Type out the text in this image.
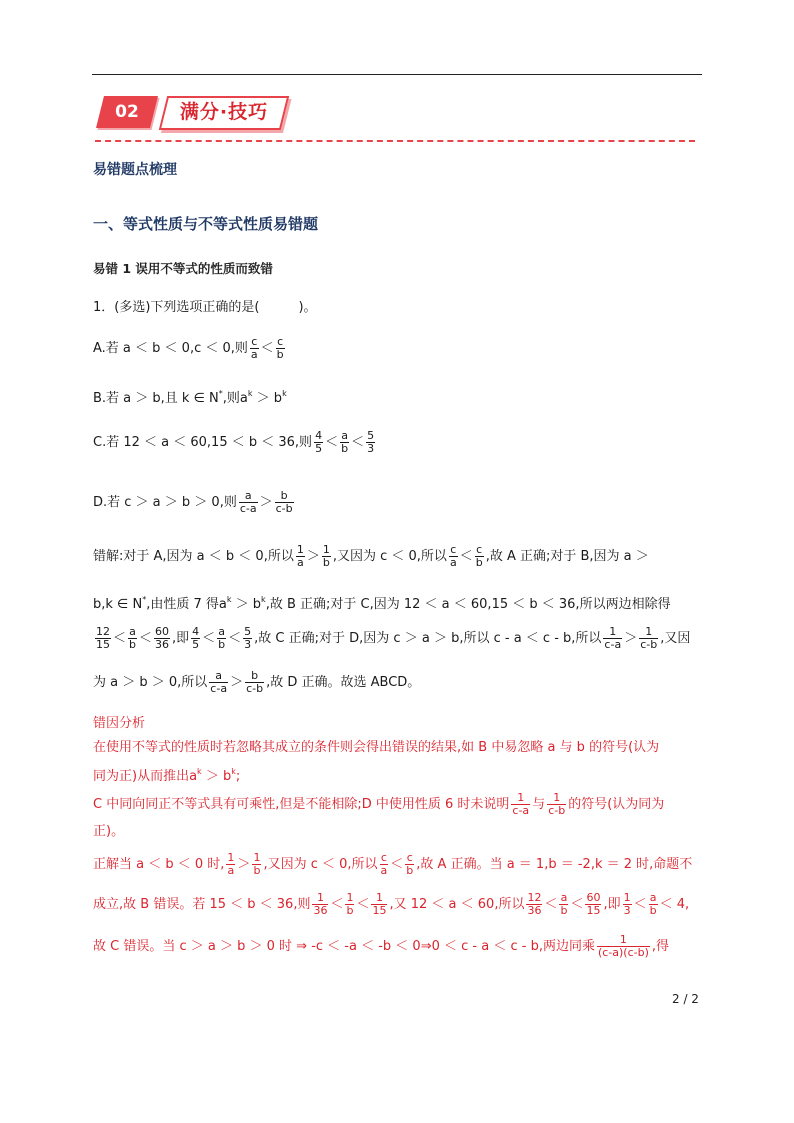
02	满分·技巧
易错题点梳理
一、等式性质与不等式性质易错题
易错 1 误用不等式的性质而致错
1．(多选)下列选项正确的是(　　　)。
A.若 a ＜ b ＜ 0,c ＜ 0,则 $\frac{c}{a} < \frac{c}{b}$
B.若 a ＞ b,且 k ∈ N*,则$a^k > b^k$
C.若 12 ＜ a ＜ 60,15 ＜ b ＜ 36,则 $\frac{4}{5} < \frac{a}{b} < \frac{5}{3}$
D.若 c ＞ a ＞ b ＞ 0,则 $\frac{a}{c-a} > \frac{b}{c-b}$
错解:对于 A,因为 a ＜ b ＜ 0,所以 $\frac{1}{a} > \frac{1}{b}$ ,又因为 c ＜ 0,所以 $\frac{c}{a} < \frac{c}{b}$ ,故 A 正确;对于 B,因为 a ＞
b,k ∈ N*,由性质 7 得$a^k > b^k$,故 B 正确;对于 C,因为 12 ＜ a ＜ 60,15 ＜ b ＜ 36,所以两边相除得
$\frac{12}{15} < \frac{a}{b} < \frac{60}{36}$ ,即 $\frac{4}{5} < \frac{a}{b} < \frac{5}{3}$ ,故 C 正确;对于 D,因为 c ＞ a ＞ b,所以 c - a ＜ c - b,所以 $\frac{1}{c-a} > \frac{1}{c-b}$ ,又因
为 a ＞ b ＞ 0,所以 $\frac{a}{c-a} > \frac{b}{c-b}$ ,故 D 正确。故选 ABCD。
错因分析
在使用不等式的性质时若忽略其成立的条件则会得出错误的结果,如 B 中易忽略 a 与 b 的符号(认为
同为正)从而推出$a^k > b^k$;
C 中同向同正不等式具有可乘性,但是不能相除;D 中使用性质 6 时未说明 $\frac{1}{c-a}$ 与 $\frac{1}{c-b}$ 的符号(认为同为
正)。
正解当 a ＜ b ＜ 0 时, $\frac{1}{a} > \frac{1}{b}$ ,又因为 c ＜ 0,所以 $\frac{c}{a} < \frac{c}{b}$ ,故 A 正确。当 a ＝ 1,b ＝ -2,k ＝ 2 时,命题不
成立,故 B 错误。若 15 ＜ b ＜ 36,则 $\frac{1}{36} < \frac{1}{b} < \frac{1}{15}$ ,又 12 ＜ a ＜ 60,所以 $\frac{12}{36} < \frac{a}{b} < \frac{60}{15}$ ,即 $\frac{1}{3} < \frac{a}{b} < 4$,
故 C 错误。当 c ＞ a ＞ b ＞ 0 时 ⇒ -c ＜ -a ＜ -b ＜ 0⇒0 ＜ c - a ＜ c - b,两边同乘 $\frac{1}{(c-a)(c-b)}$ ,得
2 / 2
